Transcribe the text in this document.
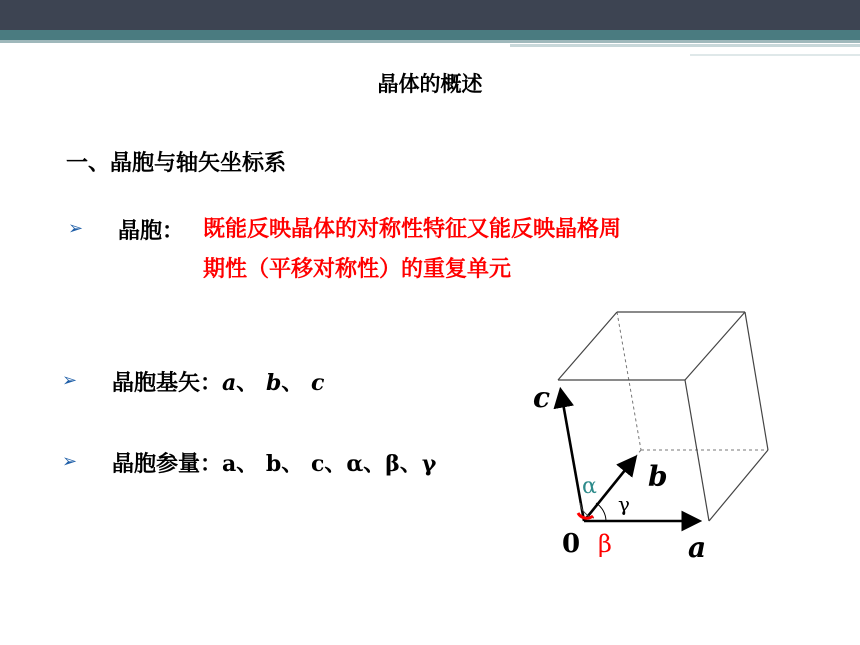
晶体的概述
一、晶胞与轴矢坐标系
➢ 晶胞： 既能反映晶体的对称性特征又能反映晶格周
期性（平移对称性）的重复单元
➢ 晶胞基矢：a、 b、 c
➢ 晶胞参量：a、 b、 c、α、β、γ
c
b
a
0
α
β
γ
